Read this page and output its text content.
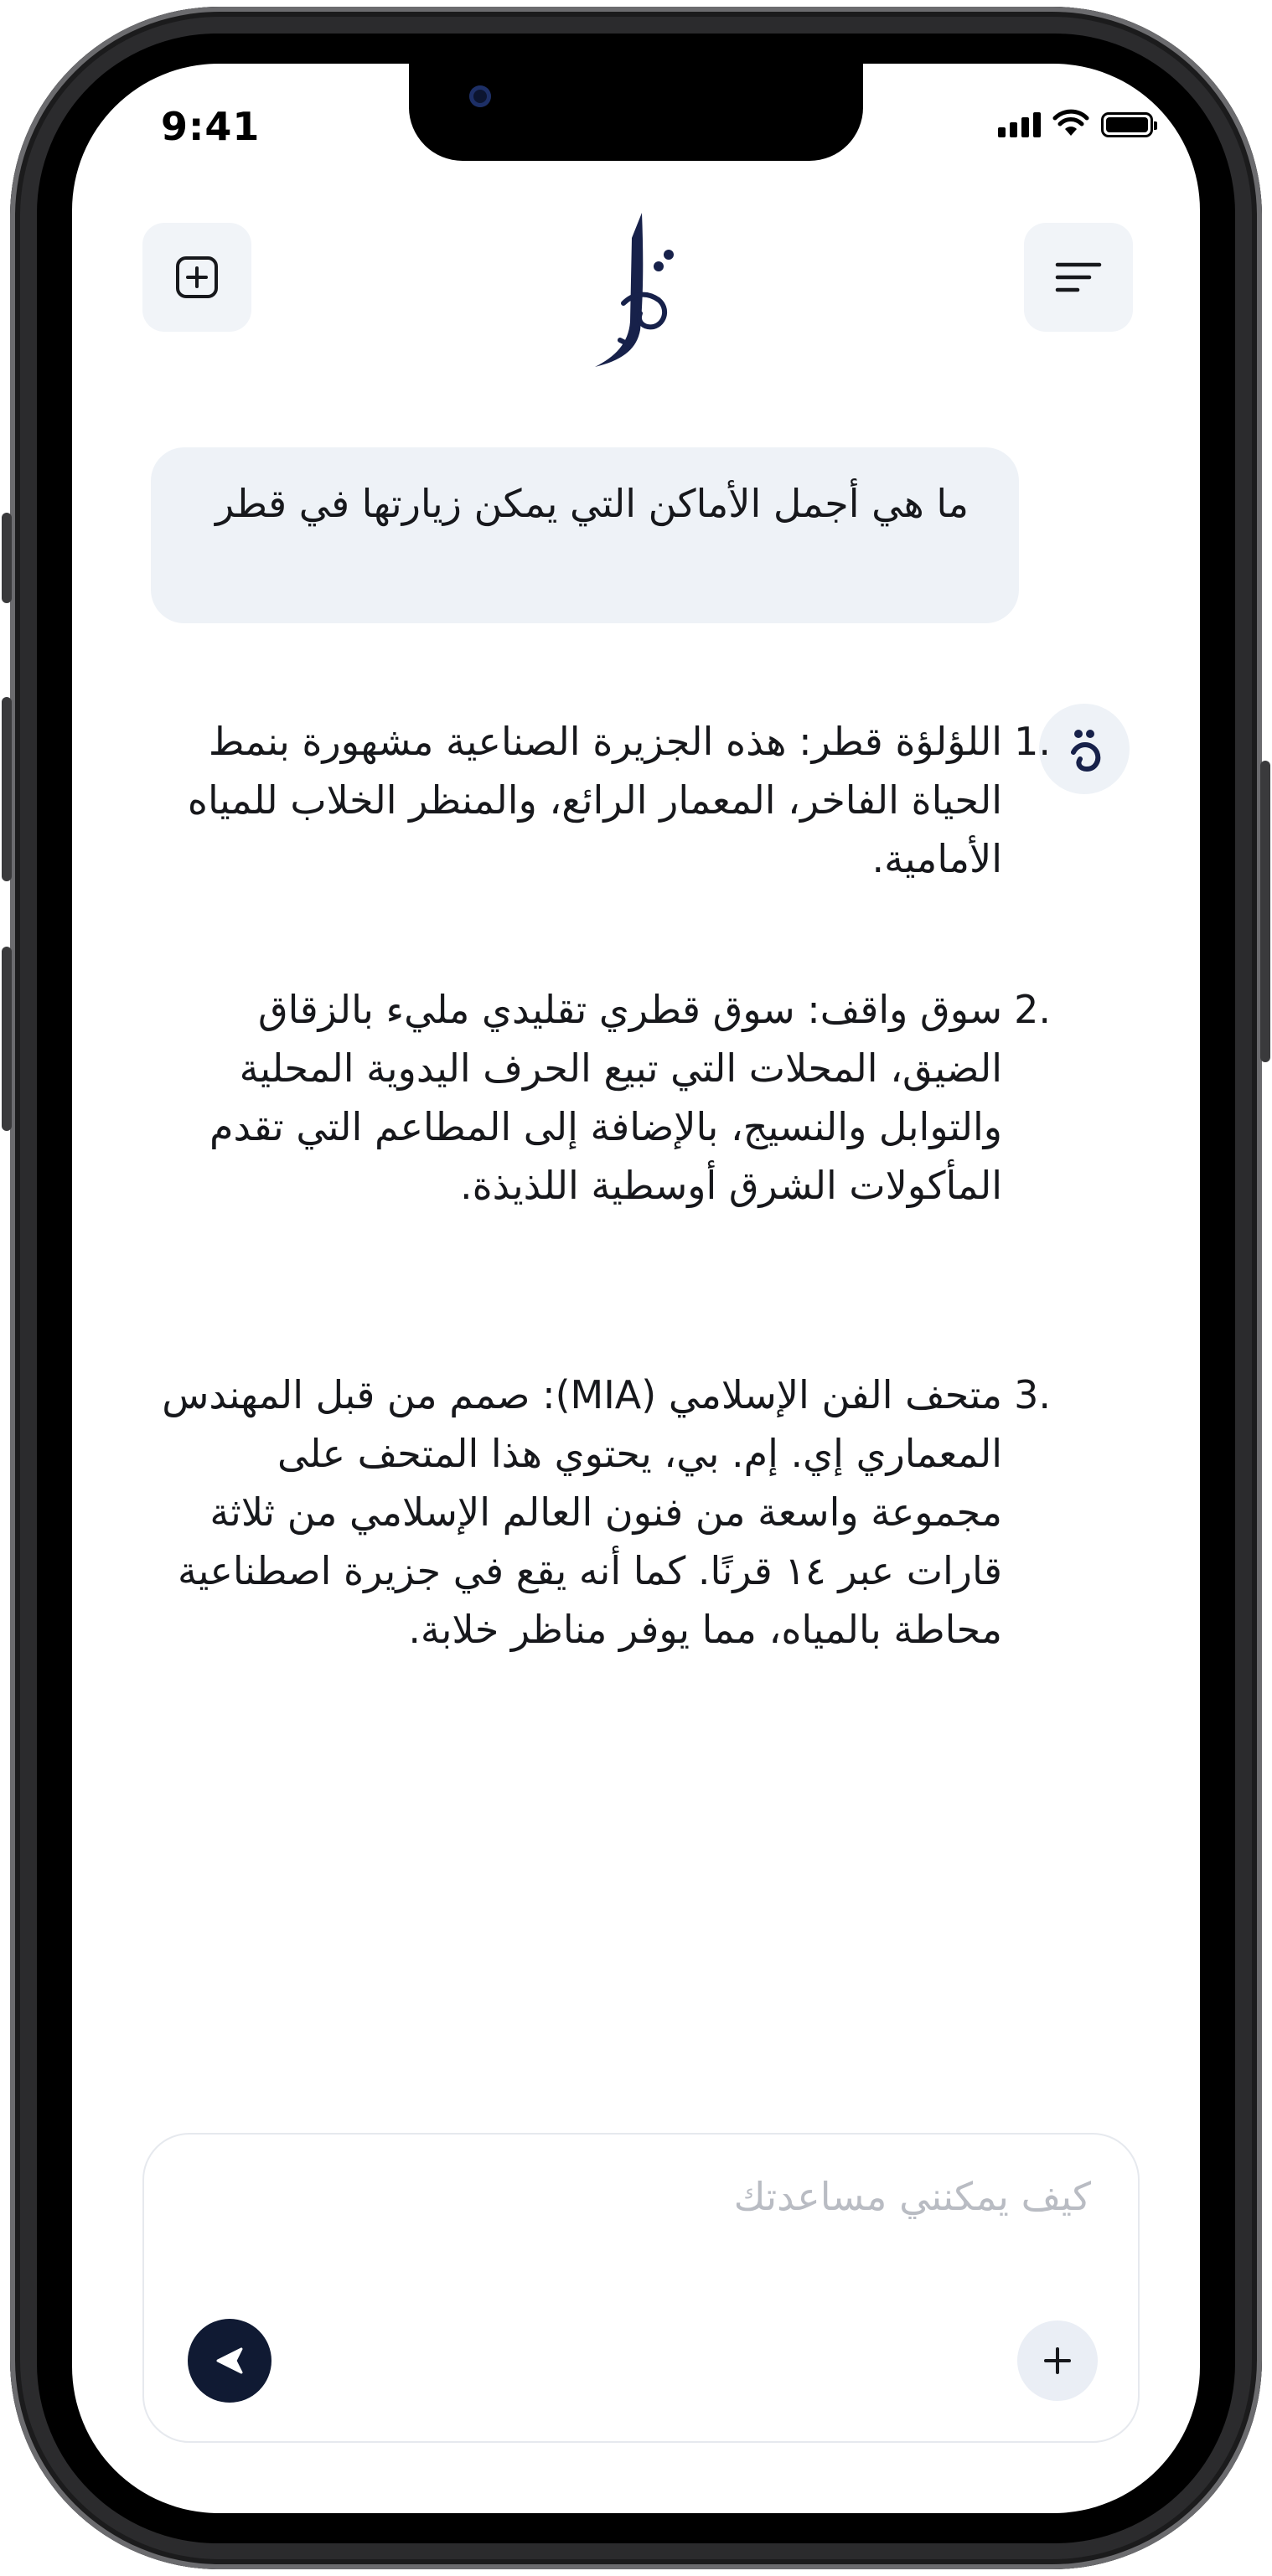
9:41
ما هي أجمل الأماكن التي يمكن زيارتها في قطر
1.
اللؤلؤة قطر: هذه الجزيرة الصناعية مشهورة بنمط الحياة الفاخر، المعمار الرائع، والمنظر الخلاب للمياه الأمامية.
2.
سوق واقف: سوق قطري تقليدي مليء بالزقاق الضيق، المحلات التي تبيع الحرف اليدوية المحلية والتوابل والنسيج، بالإضافة إلى المطاعم التي تقدم المأكولات الشرق أوسطية اللذيذة.
3.
متحف الفن الإسلامي (MIA): صمم من قبل المهندس المعماري إي. إم. بي، يحتوي هذا المتحف على مجموعة واسعة من فنون العالم الإسلامي من ثلاثة قارات عبر ١٤ قرنًا. كما أنه يقع في جزيرة اصطناعية محاطة بالمياه، مما يوفر مناظر خلابة.
كيف يمكنني مساعدتك
